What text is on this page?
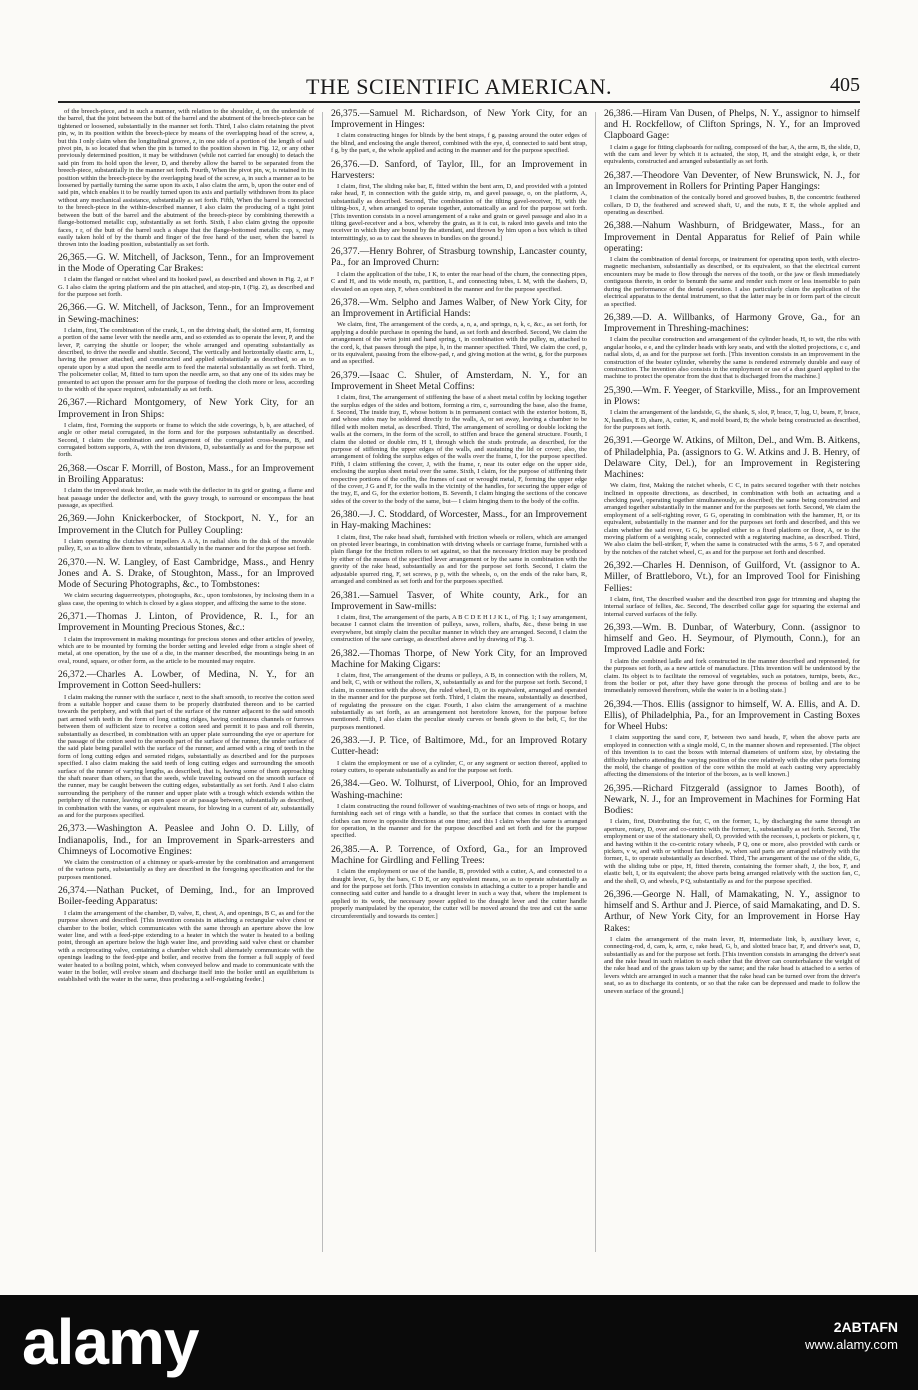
THE SCIENTIFIC AMERICAN.	405

of the breech-piece, and in such a manner, with relation to the shoulder, d, on the underside of the barrel, that the joint between the butt of the barrel and the abutment of the breech-piece can be tightened or loosened, substantially in the manner set forth. Third, I also claim retaining the pivot pin, w, in its position within the breech-piece by means of the overlapping head of the screw, a, but this I only claim when the longitudinal groove, z, in one side of a portion of the length of said pivot pin, is so located that when the pin is turned to the position shown in Fig. 12, or any other previously determined position, it may be withdrawn (while not carried far enough) to detach the said pin from its hold upon the lever, D, and thereby allow the barrel to be separated from the breech-piece, substantially in the manner set forth. Fourth, When the pivot pin, w, is retained in its position within the breech-piece by the overlapping head of the screw, a, in such a manner as to be loosened by partially turning the same upon its axis, I also claim the arm, b, upon the outer end of said pin, which enables it to be readily turned upon its axis and partially withdrawn from its place without any mechanical assistance, substantially as set forth. Fifth, When the barrel is connected to the breech-piece in the within-described manner, I also claim the producing of a tight joint between the butt of the barrel and the abutment of the breech-piece by combining therewith a flange-bottomed metallic cup, substantially as set forth. Sixth, I also claim giving the opposite faces, r r, of the butt of the barrel such a shape that the flange-bottomed metallic cup, s, may easily taken hold of by the thumb and finger of the free hand of the user, when the barrel is thrown into the loading position, substantially as set forth.

26,365.—G. W. Mitchell, of Jackson, Tenn., for an Improvement in the Mode of Operating Car Brakes:

I claim the flanged or ratchet wheel and its hooked pawl, as described and shown in Fig. 2, at F G. I also claim the spring platform and the pin attached, and stop-pin, I (Fig. 2), as described and for the purpose set forth.

26,366.—G. W. Mitchell, of Jackson, Tenn., for an Improvement in Sewing-machines:

I claim, first, The combination of the crank, L, on the driving shaft, the slotted arm, H, forming a portion of the same lever with the needle arm, and so extended as to operate the lever, P, and the lever, P, carrying the shuttle or looper; the whole arranged and operating substantially as described, to drive the needle and shuttle. Second, The vertically and horizontally elastic arm, L, having the presser attached, and constructed and applied substantially as described, so as to operate upon by a stud upon the needle arm to feed the material substantially as set forth. Third, The policemeter collar, M, fitted to turn upon the needle arm, so that any one of its sides may be presented to act upon the presser arm for the purpose of feeding the cloth more or less, according to the width of the space required, substantially as set forth.

26,367.—Richard Montgomery, of New York City, for an Improvement in Iron Ships:

I claim, first, Forming the supports or frame to which the side coverings, b, b, are attached, of angle or other metal corrugated, in the form and for the purposes substantially as described. Second, I claim the combination and arrangement of the corrugated cross-beams, B, and corrugated bottom supports, A, with the iron divisions, D, substantially as and for the purpose set forth.

26,368.—Oscar F. Morrill, of Boston, Mass., for an Improvement in Broiling Apparatus:

I claim the improved steak broiler, as made with the deflector in its grid or grating, a flame and heat passage under the deflector and, with the gravy trough, to surround or encompass the heat passage, as specified.

26,369.—John Knickerbocker, of Stockport, N. Y., for an Improvement in the Clutch for Pulley Coupling:

I claim operating the clutches or impellers A A A, in radial slots in the disk of the movable pulley, E, so as to allow them to vibrate, substantially in the manner and for the purpose set forth.

26,370.—N. W. Langley, of East Cambridge, Mass., and Henry Jones and A. S. Drake, of Stoughton, Mass., for an Improved Mode of Securing Photographs, &c., to Tombstones:

We claim securing daguerreotypes, photographs, &c., upon tombstones, by inclosing them in a glass case, the opening to which is closed by a glass stopper, and affixing the same to the stone.

26,371.—Thomas J. Linton, of Providence, R. I., for an Improvement in Mounting Precious Stones, &c.:

I claim the improvement in making mountings for precious stones and other articles of jewelry, which are to be mounted by forming the border setting and leveled edge from a single sheet of metal, at one operation, by the use of a die, in the manner described, the mountings being in an oval, round, square, or other form, as the article to be mounted may require.

26,372.—Charles A. Lowber, of Medina, N. Y., for an Improvement in Cotton Seed-hullers:

I claim making the runner with the surface r, next to the shaft smooth, to receive the cotton seed from a suitable hopper and cause them to be properly distributed thereon and to be carried towards the periphery, and with that part of the surface of the runner adjacent to the said smooth part armed with teeth in the form of long cutting ridges, having continuous channels or furrows between them of sufficient size to receive a cotton seed and permit it to pass and roll therein, substantially as described, in combination with an upper plate surrounding the eye or aperture for the passage of the cotton seed to the smooth part of the surface of the runner, the under surface of the said plate being parallel with the surface of the runner, and armed with a ring of teeth in the form of long cutting edges and serrated ridges, substantially as described and for the purposes specified. I also claim making the said teeth of long cutting edges and surrounding the smooth surface of the runner of varying lengths, as described, that is, having some of them approaching the shaft nearer than others, so that the seeds, while traveling outward on the smooth surface of the runner, may be caught between the cutting edges, substantially as set forth. And I also claim surrounding the periphery of the runner and upper plate with a trough which extends within the periphery of the runner, leaving an open space or air passage between, substantially as described, in combination with the vanes, or equivalent means, for blowing in a current of air, substantially as and for the purposes specified.

26,373.—Washington A. Peaslee and John O. D. Lilly, of Indianapolis, Ind., for an Improvement in Spark-arresters and Chimneys of Locomotive Engines:

We claim the construction of a chimney or spark-arrester by the combination and arrangement of the various parts, substantially as they are described in the foregoing specification and for the purposes mentioned.

26,374.—Nathan Pucket, of Deming, Ind., for an Improved Boiler-feeding Apparatus:

I claim the arrangement of the chamber, D, valve, E, chest, A, and openings, B C, as and for the purpose shown and described. [This invention consists in attaching a rectangular valve chest or chamber to the boiler, which communicates with the same through an aperture above the low water line, and with a feed-pipe extending to a heater in which the water is heated to a boiling point, through an aperture below the high water line, and providing said valve chest or chamber with a reciprocating valve, containing a chamber which shall alternately communicate with the openings leading to the feed-pipe and boiler, and receive from the former a full supply of feed water heated to a boiling point, which, when conveyed below and made to communicate with the water in the boiler, will evolve steam and discharge itself into the boiler until an equilibrium is established with the water in the same, thus producing a self-regulating feeder.]

26,375.—Samuel M. Richardson, of New York City, for an Improvement in Hinges:

I claim constructing hinges for blinds by the bent straps, f g, passing around the outer edges of the blind, and enclosing the angle thereof, combined with the eye, d, connected to said bent strap, f g, by the part, e, the whole applied and acting in the manner and for the purpose specified.

26,376.—D. Sanford, of Taylor, Ill., for an Improvement in Harvesters:

I claim, first, The sliding rake bar, E, fitted within the bent arm, D, and provided with a jointed rake head, F, in connection with the guide strip, m, and gavel passage, o, on the platform, A, substantially as described. Second, The combination of the tilting gavel-receiver, H, with the tilting-box, J, when arranged to operate together, automatically as and for the purpose set forth. [This invention consists in a novel arrangement of a rake and grain or gavel passage and also in a tilting gavel-receiver and a box, whereby the grain, as it is cut, is raked into gavels and into the receiver in which they are bound by the attendant, and thrown by him upon a box which is tilted intermittingly, so as to cast the sheaves in bundles on the ground.]

26,377.—Henry Bohrer, of Strasburg township, Lancaster county, Pa., for an Improved Churn:

I claim the application of the tube, I K, to enter the rear head of the churn, the connecting pipes, C and H, and its wide mouth, m, partition, L, and connecting tubes, L M, with the dashers, D, elevated on an open step, F, when combined in the manner and for the purpose specified.

26,378.—Wm. Selpho and James Walber, of New York City, for an Improvement in Artificial Hands:

We claim, first, The arrangement of the cords, a, n, a, and springs, n, k, c, &c., as set forth, for applying a double purchase in opening the hand, as set forth and described. Second, We claim the arrangement of the wrist joint and hand spring, t, in combination with the pulley, m, attached to the cord, k, that passes through the pipe, h, in the manner specified. Third, We claim the cord, p, or its equivalent, passing from the elbow-pad, r, and giving motion at the wrist, g, for the purposes and as specified.

26,379.—Isaac C. Shuler, of Amsterdam, N. Y., for an Improvement in Sheet Metal Coffins:

I claim, first, The arrangement of stiffening the base of a sheet metal coffin by locking together the surplus edges of the sides and bottom, forming a rim, c, surrounding the base, also the frame, f. Second, The inside tray, E, whose bottom is in permanent contact with the exterior bottom, B, and whose sides may be soldered directly to the walls, A, or set away, leaving a chamber to be filled with molten metal, as described. Third, The arrangement of scrolling or double locking the walls at the corners, in the form of the scroll, to stiffen and brace the general structure. Fourth, I claim the slotted or double rim, H I, through which the studs protrude, as described, for the purpose of stiffening the upper edges of the walls, and sustaining the lid or cover; also, the arrangement of folding the surplus edges of the walls over the frame, I, for the purpose specified. Fifth, I claim stiffening the cover, J, with the frame, r, near its outer edge on the upper side, enclosing the surplus sheet metal over the same. Sixth, I claim, for the purpose of stiffening their respective portions of the coffin, the frames of cast or wrought metal, F, forming the upper edge of the cover, J G and F, for the walls in the vicinity of the handles, for securing the upper edge of the tray, E, and G, for the exterior bottom, B. Seventh, I claim hinging the sections of the concave sides of the cover to the body of the same, but— I claim hinging them to the body of the coffin.

26,380.—J. C. Stoddard, of Worcester, Mass., for an Improvement in Hay-making Machines:

I claim, first, The rake head shaft, furnished with friction wheels or rollers, which are arranged on pivoted lever bearings, in combination with driving wheels or carriage frame, furnished with a plain flange for the friction rollers to set against, so that the necessary friction may be produced by either of the means of the specified lever arrangement or by the same in combination with the gravity of the rake head, substantially as and for the purpose set forth. Second, I claim the adjustable spurred ring, F, set screws, p p, with the wheels, o, on the ends of the rake bars, R, arranged and combined as set forth and for the purposes specified.

26,381.—Samuel Tasver, of White county, Ark., for an Improvement in Saw-mills:

I claim, first, The arrangement of the parts, A B C D E H I J K L, of Fig. 1; I say arrangement, because I cannot claim the invention of pulleys, saws, rollers, shafts, &c., these being in use everywhere, but simply claim the peculiar manner in which they are arranged. Second, I claim the construction of the saw carriage, as described above and by drawing of Fig. 3.

26,382.—Thomas Thorpe, of New York City, for an Improved Machine for Making Cigars:

I claim, first, The arrangement of the drums or pulleys, A B, in connection with the rollers, M, and belt, C, with or without the rollers, X, substantially as and for the purpose set forth. Second, I claim, in connection with the above, the ruled wheel, D, or its equivalent, arranged and operated in the manner and for the purpose set forth. Third, I claim the means, substantially as described, of regulating the pressure on the cigar. Fourth, I also claim the arrangement of a machine substantially as set forth, as an arrangement not heretofore known, for the purpose before mentioned. Fifth, I also claim the peculiar steady curves or bends given to the belt, C, for the purposes mentioned.

26,383.—J. P. Tice, of Baltimore, Md., for an Improved Rotary Cutter-head:

I claim the employment or use of a cylinder, C, or any segment or section thereof, applied to rotary cutters, to operate substantially as and for the purpose set forth.

26,384.—Geo. W. Tolhurst, of Liverpool, Ohio, for an Improved Washing-machine:

I claim constructing the round follower of washing-machines of two sets of rings or hoops, and furnishing each set of rings with a handle, so that the surface that comes in contact with the clothes can move in opposite directions at one time; and this I claim when the same is arranged for operation, in the manner and for the purpose described and set forth and for the purpose specified.

26,385.—A. P. Torrence, of Oxford, Ga., for an Improved Machine for Girdling and Felling Trees:

I claim the employment or use of the handle, B, provided with a cutter, A, and connected to a draught lever, G, by the bars, C D E, or any equivalent means, so as to operate substantially as and for the purpose set forth. [This invention consists in attaching a cutter to a proper handle and connecting said cutter and handle to a draught lever in such a way that, where the implement is applied to its work, the necessary power applied to the draught lever and the cutter handle properly manipulated by the operator, the cutter will be moved around the tree and cut the same circumferentially and towards its center.]

26,386.—Hiram Van Dusen, of Phelps, N. Y., assignor to himself and H. Rockfellow, of Clifton Springs, N. Y., for an Improved Clapboard Gage:

I claim a gage for fitting clapboards for railing, composed of the bar, A, the arm, B, the slide, D, with the cam and lever by which it is actuated, the stop, H, and the straight edge, k, or their equivalents, constructed and arranged substantially as set forth.

26,387.—Theodore Van Deventer, of New Brunswick, N. J., for an Improvement in Rollers for Printing Paper Hangings:

I claim the combination of the conically bored and grooved bushes, B, the concentric feathered collars, D D, the feathered and screwed shaft, U, and the nuts, E E, the whole applied and operating as described.

26,388.—Nahum Washburn, of Bridgewater, Mass., for an Improvement in Dental Apparatus for Relief of Pain while operating:

I claim the combination of dental forceps, or instrument for operating upon teeth, with electro-magnetic mechanism, substantially as described, or its equivalent, so that the electrical current encounters may be made to flow through the nerves of the tooth, or the jaw or flesh immediately contiguous thereto, in order to benumb the same and render such more or less insensible to pain during the performance of the dental operation. I also particularly claim the application of the electrical apparatus to the dental instrument, so that the latter may be in or form part of the circuit as specified.

26,389.—D. A. Willbanks, of Harmony Grove, Ga., for an Improvement in Threshing-machines:

I claim the peculiar construction and arrangement of the cylinder heads, H, to wit, the ribs with angular hooks, e e, and the cylinder heads with key seats, and with the slotted projections, c c, and radial slots, d, as and for the purpose set forth. [This invention consists in an improvement in the construction of the beater cylinder, whereby the same is rendered extremely durable and easy of construction. The invention also consists in the employment or use of a dust guard applied to the machine to protect the operator from the dust that is discharged from the machine.]

25,390.—Wm. F. Yeeger, of Starkville, Miss., for an Improvement in Plows:

I claim the arrangement of the landside, G, the shank, S, slot, P, brace, T, lug, U, beam, F, brace, X, handles, E D, share, A, cutter, K, and mold board, B; the whole being constructed as described, for the purposes set forth.

26,391.—George W. Atkins, of Milton, Del., and Wm. B. Aitkens, of Philadelphia, Pa. (assignors to G. W. Atkins and J. B. Henry, of Delaware City, Del.), for an Improvement in Registering Machines:

We claim, first, Making the ratchet wheels, C C, in pairs secured together with their notches inclined in opposite directions, as described, in combination with both an actuating and a checking pawl, operating together simultaneously, as described; the same being constructed and arranged together substantially in the manner and for the purposes set forth. Second, We claim the employment of a self-righting rover, G G, operating in combination with the hammer, H, or its equivalent, substantially in the manner and for the purposes set forth and described, and this we claim whether the said rover, G G, be applied either to a fixed platform or floor, A, or to the moving platform of a weighing scale, connected with a registering machine, as described. Third, We also claim the bell-striker, F, when the same is constructed with the arms, 5 6 7, and operated by the notches of the ratchet wheel, C, as and for the purpose set forth and described.

26,392.—Charles H. Dennison, of Guilford, Vt. (assignor to A. Miller, of Brattleboro, Vt.), for an Improved Tool for Finishing Fellies:

I claim, first, The described washer and the described iron gage for trimming and shaping the internal surface of fellies, &c. Second, The described collar gage for squaring the external and internal curved surfaces of the felly.

26,393.—Wm. B. Dunbar, of Waterbury, Conn. (assignor to himself and Geo. H. Seymour, of Plymouth, Conn.), for an Improved Ladle and Fork:

I claim the combined ladle and fork constructed in the manner described and represented, for the purposes set forth, as a new article of manufacture. [This invention will be understood by the claim. Its object is to facilitate the removal of vegetables, such as potatoes, turnips, beets, &c., from the boiler or pot, after they have gone through the process of boiling and are to be immediately removed therefrom, while the water is in a boiling state.]

26,394.—Thos. Ellis (assignor to himself, W. A. Ellis, and A. D. Ellis), of Philadelphia, Pa., for an Improvement in Casting Boxes for Wheel Hubs:

I claim supporting the sand core, F, between two sand heads, F, when the above parts are employed in connection with a single mold, C, in the manner shown and represented. [The object of this invention is to cast the boxes with internal diameters of uniform size, by obviating the difficulty hitherto attending the varying position of the core relatively with the other parts forming the mold, the change of position of the core within the mold at each casting very appreciably affecting the dimensions of the interior of the boxes, as is well known.]

26,395.—Richard Fitzgerald (assignor to James Booth), of Newark, N. J., for an Improvement in Machines for Forming Hat Bodies:

I claim, first, Distributing the fur, C, on the former, L, by discharging the same through an aperture, rotary, D, over and co-centric with the former, L, substantially as set forth. Second, The employment or use of the stationary shell, O, provided with the recesses, t, pockets or pickers, q r, and having within it the co-centric rotary wheels, P Q, one or more, also provided with cards or pickers, v w, and with or without fan blades, w, when said parts are arranged relatively with the former, L, to operate substantially as described. Third, The arrangement of the use of the slide, G, with the sliding tube or pipe, H, fitted therein, containing the former shaft, J, the box, F, and elastic belt, I, or its equivalent; the above parts being arranged relatively with the suction fan, C, and the shell, O, and wheels, P Q, substantially as and for the purpose specified.

26,396.—George N. Hall, of Mamakating, N. Y., assignor to himself and S. Arthur and J. Pierce, of said Mamakating, and D. S. Arthur, of New York City, for an Improvement in Horse Hay Rakes:

I claim the arrangement of the main lever, H, intermediate link, b, auxiliary lever, c, connecting-rod, d, cam, k, arm, c, rake head, G, b, and slotted brace bar, F, and driver's seat, D, substantially as and for the purpose set forth. [This invention consists in arranging the driver's seat and the rake head in such relation to each other that the driver can counterbalance the weight of the rake head and of the grass taken up by the same; and the rake head is attached to a series of levers which are arranged in such a manner that the rake head can be turned over from the driver's seat, so as to discharge its contents, or so that the rake can be depressed and made to follow the uneven surface of the ground.]

alamy	2ABTAFN
www.alamy.com
